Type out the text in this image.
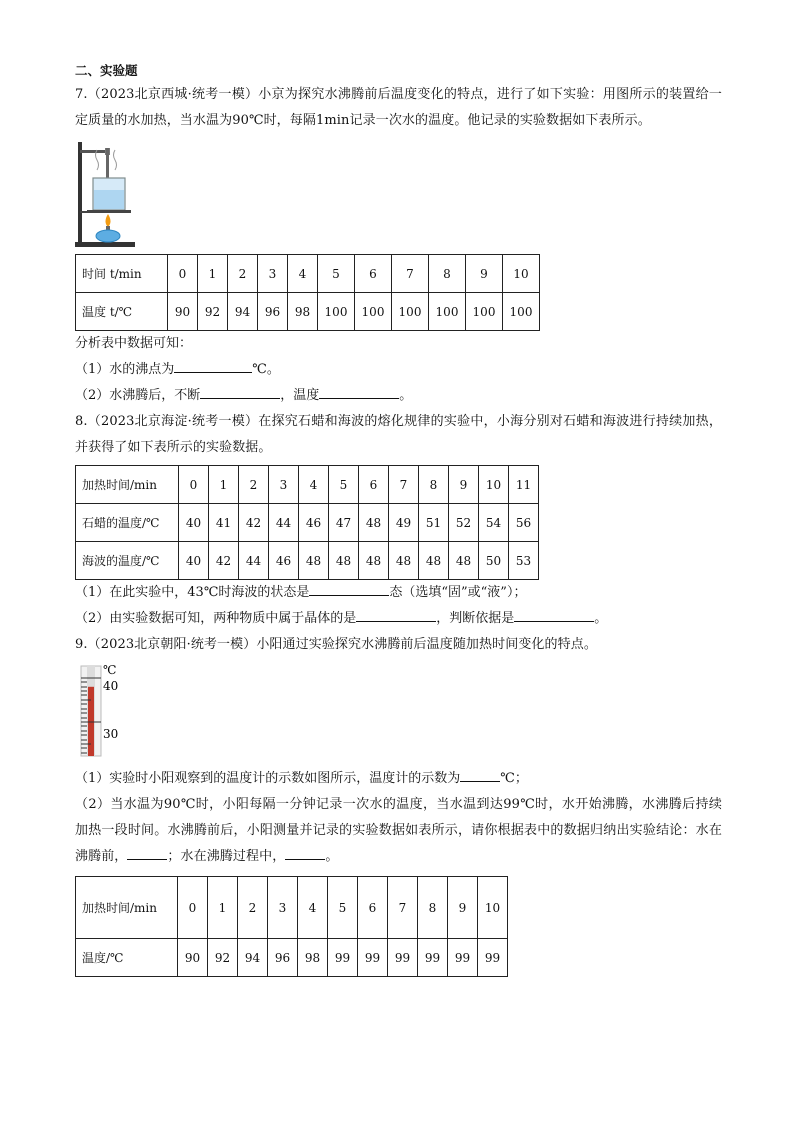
二、实验题

7.（2023北京西城·统考一模）小京为探究水沸腾前后温度变化的特点，进行了如下实验：用图所示的装置给一定质量的水加热，当水温为90℃时，每隔1min记录一次水的温度。他记录的实验数据如下表所示。

时间 t/min	0	1	2	3	4	5	6	7	8	9	10
温度 t/℃	90	92	94	96	98	100	100	100	100	100	100

分析表中数据可知：

（1）水的沸点为	℃。

（2）水沸腾后，不断	，温度	。

8.（2023北京海淀·统考一模）在探究石蜡和海波的熔化规律的实验中，小海分别对石蜡和海波进行持续加热，并获得了如下表所示的实验数据。

加热时间/min	0	1	2	3	4	5	6	7	8	9	10	11
石蜡的温度/℃	40	41	42	44	46	47	48	49	51	52	54	56
海波的温度/℃	40	42	44	46	48	48	48	48	48	48	50	53

（1）在此实验中，43℃时海波的状态是	态（选填“固”或“液”）；

（2）由实验数据可知，两种物质中属于晶体的是	，判断依据是	。

9.（2023北京朝阳·统考一模）小阳通过实验探究水沸腾前后温度随加热时间变化的特点。

℃
40
30

（1）实验时小阳观察到的温度计的示数如图所示，温度计的示数为	℃；

（2）当水温为90℃时，小阳每隔一分钟记录一次水的温度，当水温到达99℃时，水开始沸腾，水沸腾后持续加热一段时间。水沸腾前后，小阳测量并记录的实验数据如表所示，请你根据表中的数据归纳出实验结论：水在沸腾前，	；水在沸腾过程中，	。

加热时间/min	0	1	2	3	4	5	6	7	8	9	10
温度/℃	90	92	94	96	98	99	99	99	99	99	99
